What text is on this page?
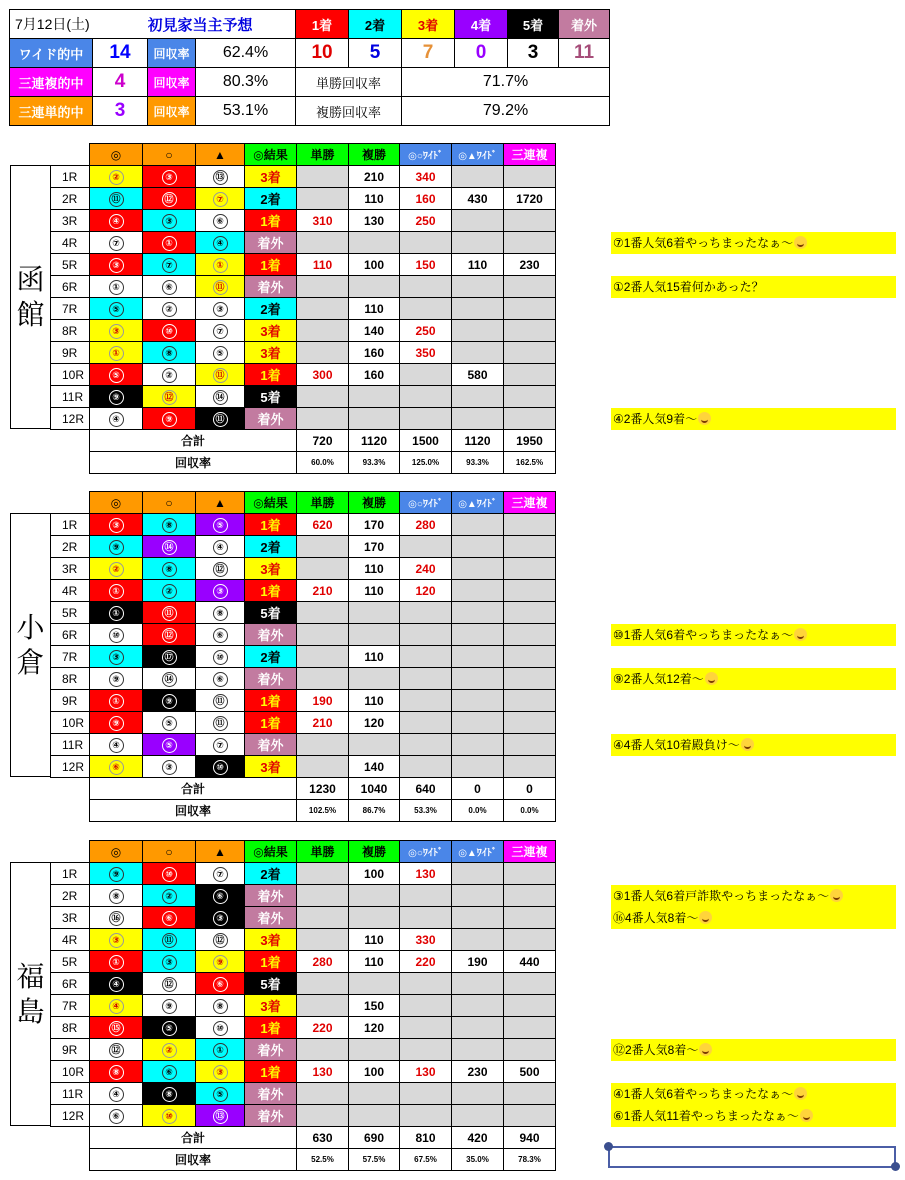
7月12日(土)		初見家当主予想		1着	2着	3着	4着	5着	着外
ワイド的中	14	回収率	62.4%	10	5	7	0	3	11
三連複的中	4	回収率	80.3%	単勝回収率		71.7%			
三連単的中	3	回収率	53.1%	複勝回収率		79.2%			
函
館
	◎	○	▲	◎結果	単勝	複勝	◎○ﾜｲﾄﾞ	◎▲ﾜｲﾄﾞ	三連複	
1R	②	③	⑬	3着		210	340			
2R	⑪	⑫	⑦	2着		110	160	430	1720	
3R	④	③	⑥	1着	310	130	250			
4R	⑦	①	④	着外						
5R	③	⑦	①	1着	110	100	150	110	230	
6R	①	⑥	⑪	着外						
7R	⑤	②	③	2着		110				
8R	③	⑩	⑦	3着		140	250			
9R	①	⑧	⑤	3着		160	350			
10R	⑤	②	⑪	1着	300	160		580		
11R	⑨	⑫	⑭	5着						
12R	④	⑨	⑪	着外						
	合計				720	1120	1500	1120	1950	
	回収率				60.0%	93.3%	125.0%	93.3%	162.5%	
⑦1番人気6着やっちまったなぁ～
①2番人気15着何かあった？
④2番人気9着～
小
倉
	◎	○	▲	◎結果	単勝	複勝	◎○ﾜｲﾄﾞ	◎▲ﾜｲﾄﾞ	三連複	
1R	③	⑧	⑤	1着	620	170	280			
2R	⑨	⑭	④	2着		170				
3R	②	⑧	⑫	3着		110	240			
4R	①	②	③	1着	210	110	120			
5R	①	⑪	⑧	5着						
6R	⑩	⑫	⑥	着外						
7R	③	⑰	⑩	2着		110				
8R	⑨	⑭	⑥	着外						
9R	①	⑨	⑪	1着	190	110				
10R	⑨	⑤	⑪	1着	210	120				
11R	④	⑤	⑦	着外						
12R	⑥	③	⑩	3着		140				
	合計				1230	1040	640	0	0	
	回収率				102.5%	86.7%	53.3%	0.0%	0.0%	
⑩1番人気6着やっちまったなぁ～
⑨2番人気12着～
④4番人気10着殿負け～
福
島
	◎	○	▲	◎結果	単勝	複勝	◎○ﾜｲﾄﾞ	◎▲ﾜｲﾄﾞ	三連複	
1R	⑨	⑩	⑦	2着		100	130			
2R	⑧	②	⑥	着外						
3R	⑯	⑥	③	着外						
4R	③	⑪	⑫	3着		110	330			
5R	①	③	⑨	1着	280	110	220	190	440	
6R	④	⑫	⑥	5着						
7R	④	⑨	⑧	3着		150				
8R	⑮	⑤	⑩	1着	220	120				
9R	⑫	②	①	着外						
10R	⑧	⑥	③	1着	130	100	130	230	500	
11R	④	⑧	⑤	着外						
12R	⑥	⑩	⑬	着外						
	合計				630	690	810	420	940	
	回収率				52.5%	57.5%	67.5%	35.0%	78.3%	
③1番人気6着戸詐欺やっちまったなぁ～
⑯4番人気8着～
⑫2番人気8着～
④1番人気6着やっちまったなぁ～
⑥1番人気11着やっちまったなぁ～
